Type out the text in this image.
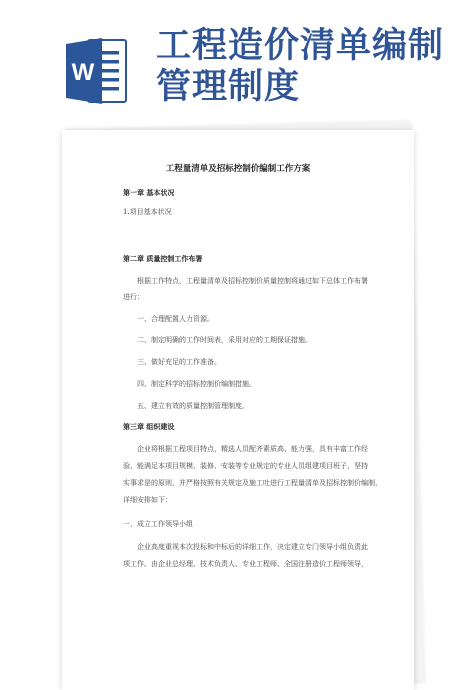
W
工程造价清单编制
管理制度
工程量清单及招标控制价编制工作方案
第一章 基本状况
1.项目基本状况
第二章 质量控制工作布署
根据工作特点，工程量清单及招标控制价质量控制将通过如下总体工作布署
进行：
一、合理配置人力资源。
二、制定明确的工作时间表，采用对应的工期保证措施。
三、做好充足的工作准备。
四、制定科学的招标控制价编制措施。
五、建立有效的质量控制管理制度。
第三章 组织建设
企业将根据工程项目特点，精选人员配齐素质高、能力强，具有丰富工作经
验、能满足本项目规模、装修、安装等专业规定的专业人员组建项目班子，坚持
实事求是的原则，并严格按照有关规定及施工吐进行工程量清单及招标控制价编制，
详细安排如下：
一、成立工作领导小组
企业高度重视本次投标和中标后的详细工作，决定建立专门领导小组负责此
项工作。由企业总经理、技术负责人、专业工程师、全国注册造价工程师领导，
